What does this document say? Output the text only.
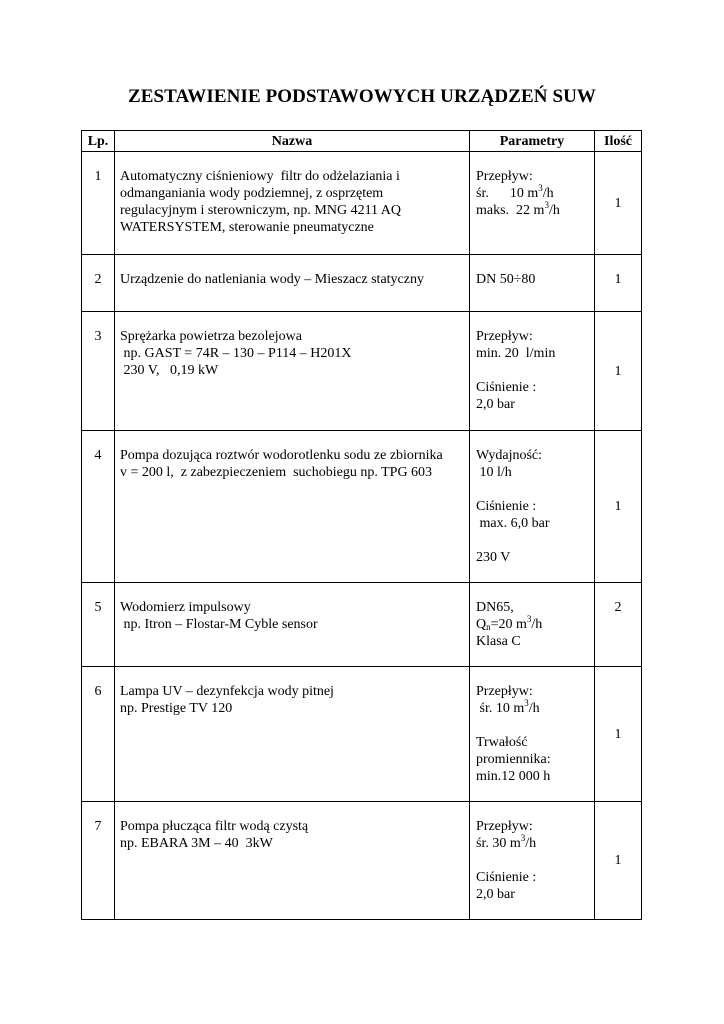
ZESTAWIENIE PODSTAWOWYCH URZĄDZEŃ SUW
Lp.	Nazwa	Parametry	Ilość
1	Automatyczny ciśnieniowy  filtr do odżelaziania i
odmanganiania wody podziemnej, z osprzętem
regulacyjnym i sterowniczym, np. MNG 4211 AQ
WATERSYSTEM, sterowanie pneumatyczne	Przepływ:
śr.      10 $m^3/h$
maks.  22 $m^3/h$	1
2	Urządzenie do natleniania wody – Mieszacz statyczny	DN 50÷80	1
3	Sprężarka powietrza bezolejowa
np. GAST = 74R – 130 – P114 – H201X
230 V,   0,19 kW	Przepływ:
min. 20  l/min
Ciśnienie :
2,0 bar	1
4	Pompa dozująca roztwór wodorotlenku sodu ze zbiornika
v = 200 l,  z zabezpieczeniem  suchobiegu np. TPG 603	Wydajność:
10 l/h
Ciśnienie :
max. 6,0 bar
230 V	1
5	Wodomierz impulsowy
np. Itron – Flostar-M Cyble sensor	DN65,
$Q_n=20$ $m^3/h$
Klasa C	2
6	Lampa UV – dezynfekcja wody pitnej
np. Prestige TV 120	Przepływ:
śr. 10 $m^3/h$
Trwałość
promiennika:
min.12 000 h	1
7	Pompa płucząca filtr wodą czystą
np. EBARA 3M – 40  3kW	Przepływ:
śr. 30 $m^3/h$
Ciśnienie :
2,0 bar	1
